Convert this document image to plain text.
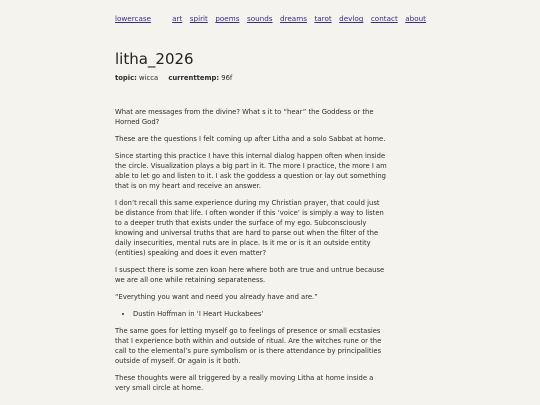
lowercase	art spirit poems sounds dreams tarot devlog contact about
litha_2026
topic: wicca currenttemp: 96f

What are messages from the divine? What s it to “hear” the Goddess or the Horned God?

These are the questions I felt coming up after Litha and a solo Sabbat at home.

Since starting this practice I have this internal dialog happen often when inside the circle. Visualization plays a big part in it. The more I practice, the more I am able to let go and listen to it. I ask the goddess a question or lay out something that is on my heart and receive an answer.

I don’t recall this same experience during my Christian prayer, that could just be distance from that life. I often wonder if this ‘voice’ is simply a way to listen to a deeper truth that exists under the surface of my ego. Subconsciously knowing and universal truths that are hard to parse out when the filter of the daily insecurities, mental ruts are in place. Is it me or is it an outside entity (entities) speaking and does it even matter?

I suspect there is some zen koan here where both are true and untrue because we are all one while retaining separateness.

“Everything you want and need you already have and are.”

• Dustin Hoffman in ‘I Heart Huckabees’

The same goes for letting myself go to feelings of presence or small ecstasies that I experience both within and outside of ritual. Are the witches rune or the call to the elemental’s pure symbolism or is there attendance by principalities outside of myself. Or again is it both.

These thoughts were all triggered by a really moving Litha at home inside a very small circle at home.
